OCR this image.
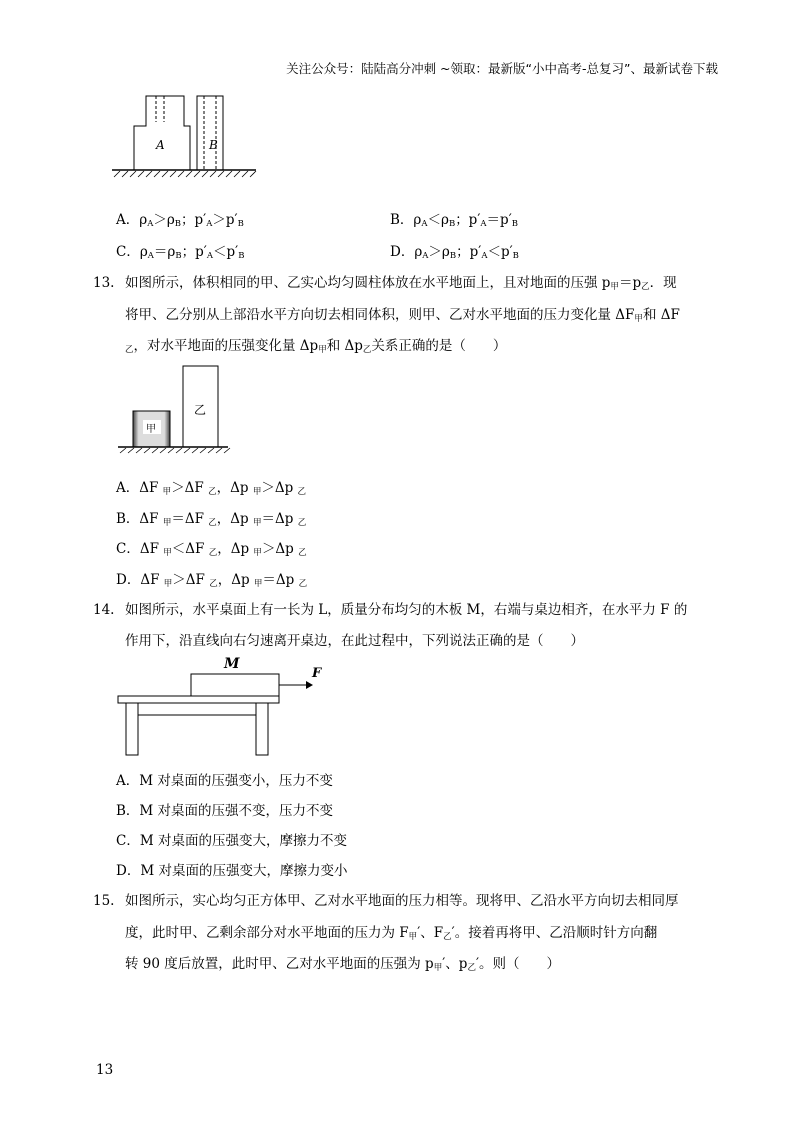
关注公众号：陆陆高分冲刺 ~领取：最新版“小中高考-总复习”、最新试卷下载
A	B
A．$\rho_A>\rho_B$；$p'_A>p'_B$	B．$\rho_A<\rho_B$；$p'_A=p'_B$
C．$\rho_A=\rho_B$；$p'_A<p'_B$	D．$\rho_A>\rho_B$；$p'_A<p'_B$
13. 如图所示，体积相同的甲、乙实心均匀圆柱体放在水平地面上，且对地面的压强 $p_甲=p_乙$．现
将甲、乙分别从上部沿水平方向切去相同体积，则甲、乙对水平地面的压力变化量 $\Delta F_甲$和 ΔF
$_乙$，对水平地面的压强变化量 $\Delta p_甲$和 $\Delta p_乙$关系正确的是（　　）
甲
乙
A．ΔF $_甲$＞ΔF $_乙$，Δp $_甲$＞Δp $_乙$
B．ΔF $_甲$＝ΔF $_乙$，Δp $_甲$＝Δp $_乙$
C．ΔF $_甲$＜ΔF $_乙$，Δp $_甲$＞Δp $_乙$
D．ΔF $_甲$＞ΔF $_乙$，Δp $_甲$＝Δp $_乙$
14. 如图所示，水平桌面上有一长为 L，质量分布均匀的木板 M，右端与桌边相齐，在水平力 F 的
作用下，沿直线向右匀速离开桌边，在此过程中，下列说法正确的是（　　）
M
F
A．M 对桌面的压强变小，压力不变
B．M 对桌面的压强不变，压力不变
C．M 对桌面的压强变大，摩擦力不变
D．M 对桌面的压强变大，摩擦力变小
15. 如图所示，实心均匀正方体甲、乙对水平地面的压力相等。现将甲、乙沿水平方向切去相同厚
度，此时甲、乙剩余部分对水平地面的压力为 $F_甲'$、$F_乙'$。接着再将甲、乙沿顺时针方向翻
转 90 度后放置，此时甲、乙对水平地面的压强为 $p_甲'$、$p_乙'$。则（　　）
13
